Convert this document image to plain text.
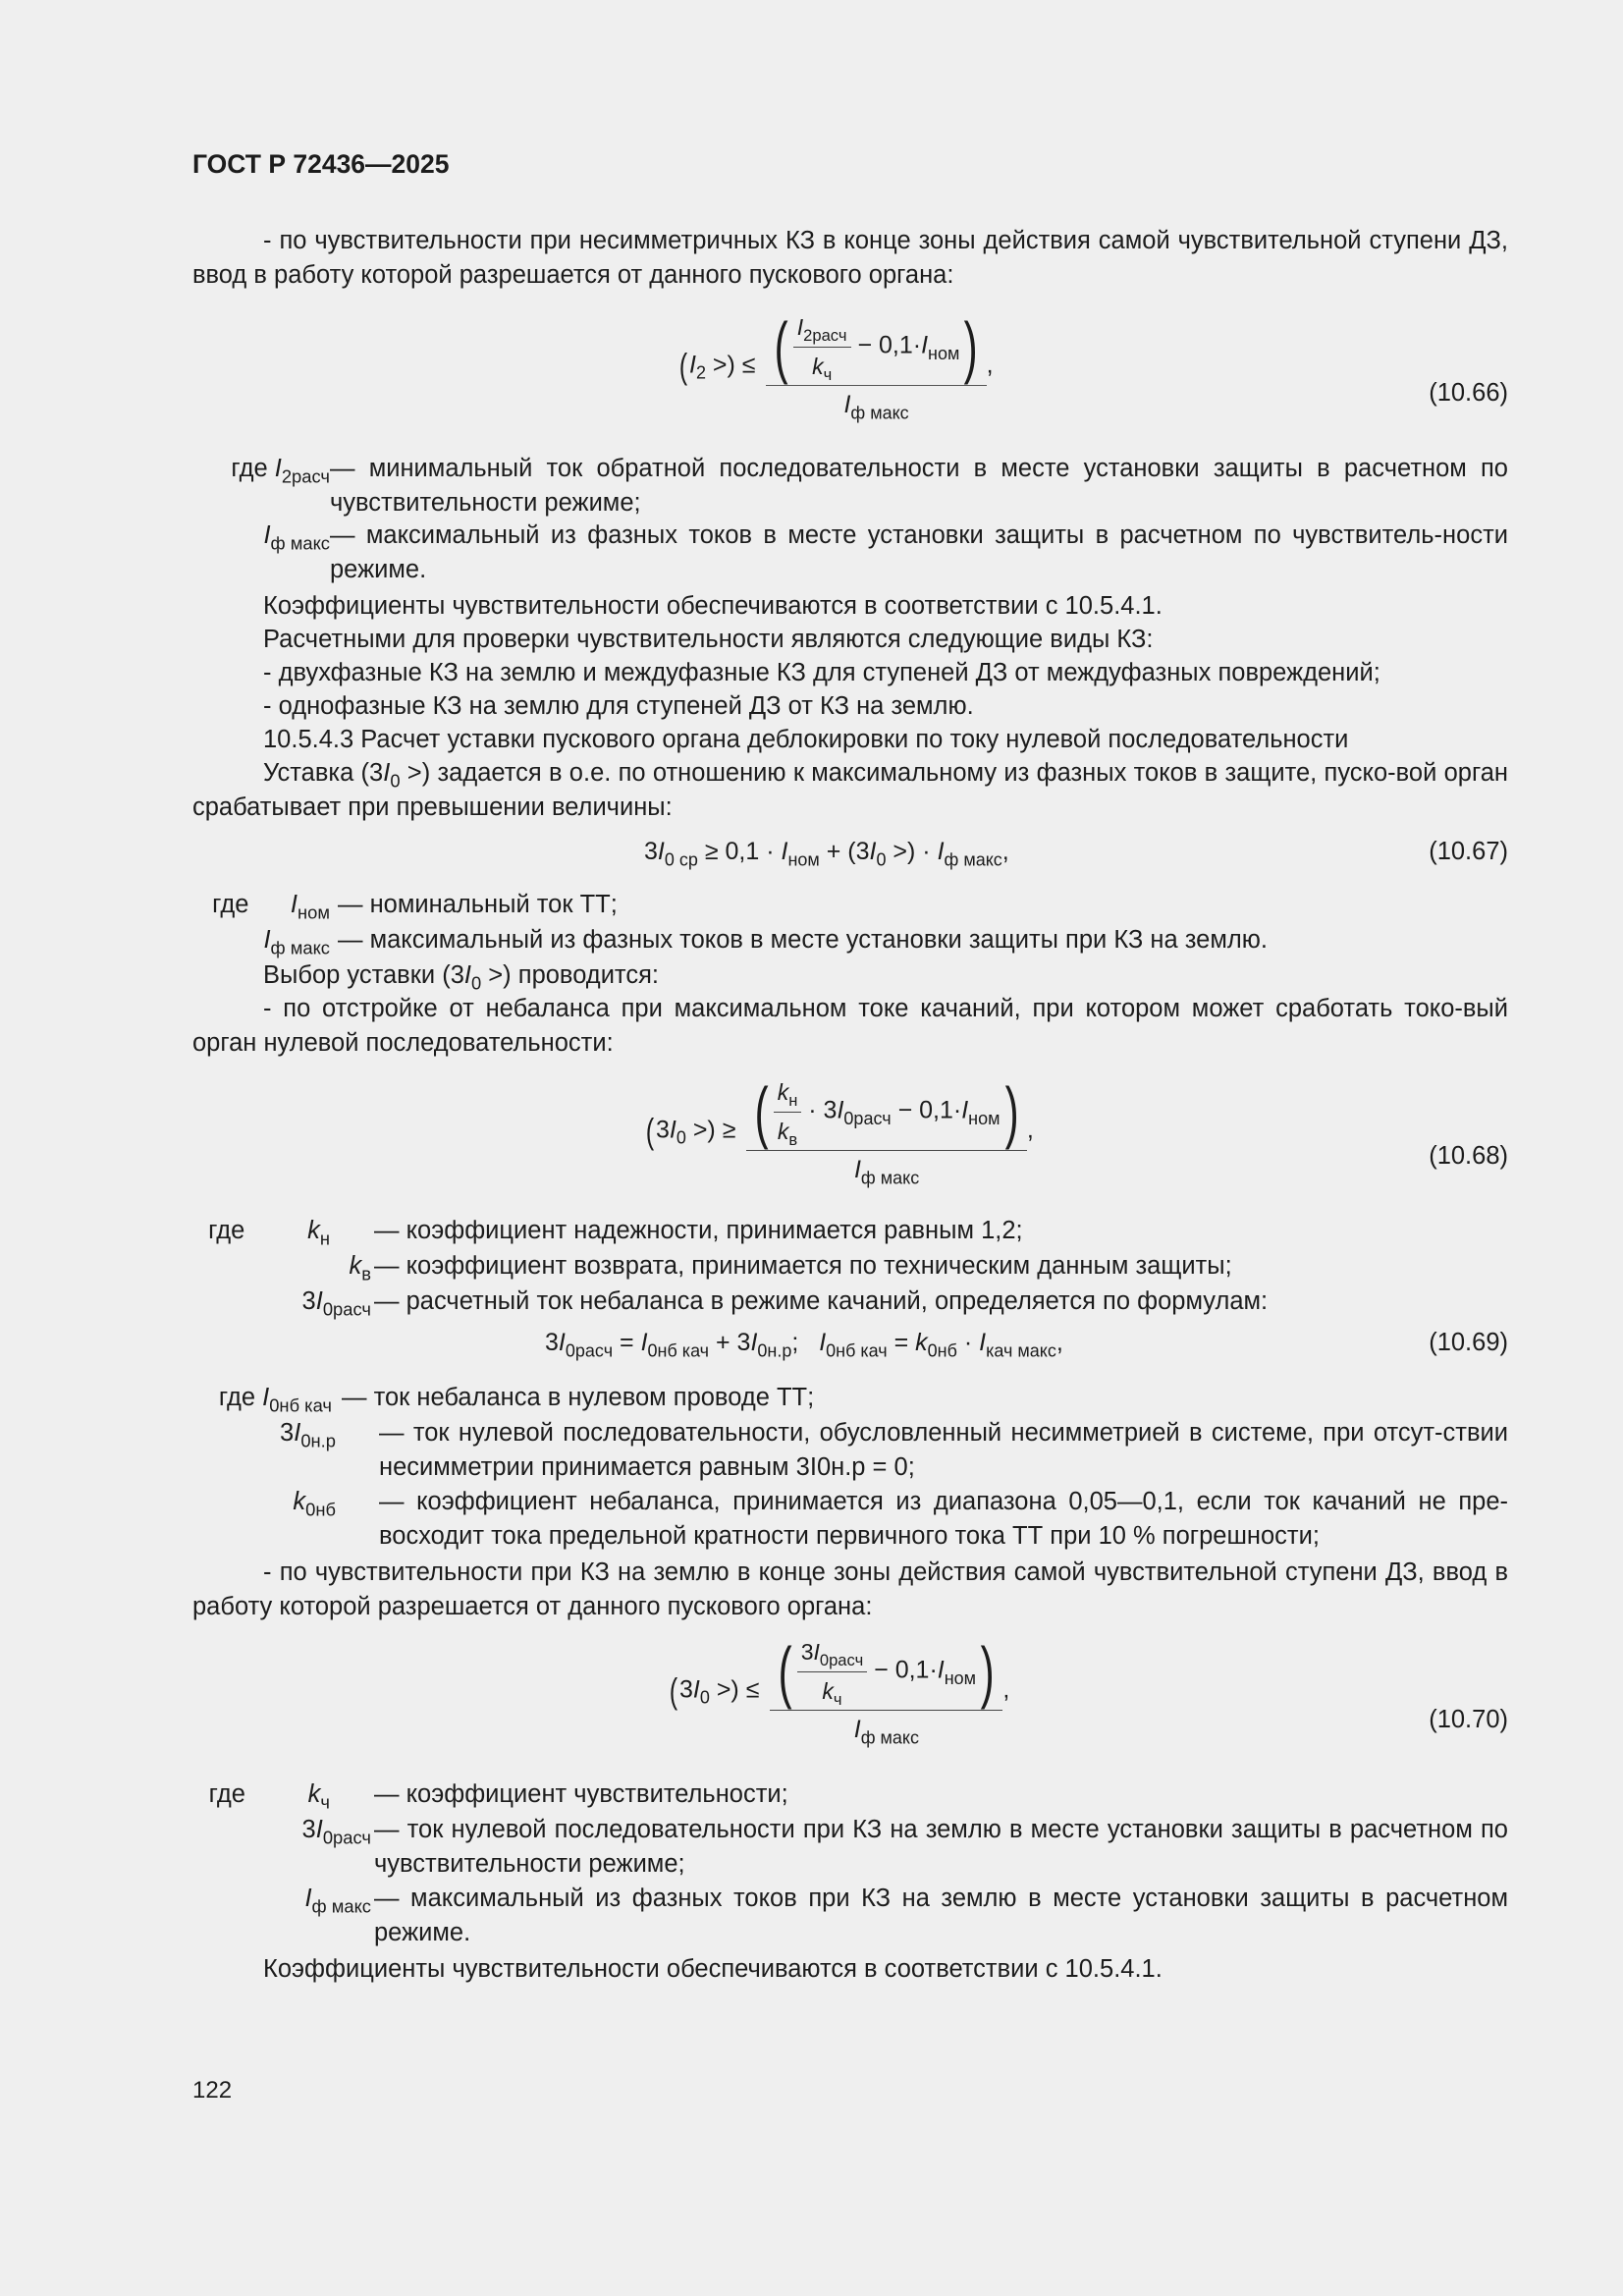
ГОСТ Р 72436—2025
- по чувствительности при несимметричных КЗ в конце зоны действия самой чувствительной ступени ДЗ, ввод в работу которой разрешается от данного пускового органа:
($I_2$ >) ≤ $\frac{( \frac{I_{2расч}}{k_ч} - 0,1\cdot I_{ном})}{I_{ф макс}}$ ,
(10.66)
где $I_{2расч}$ — минимальный ток обратной последовательности в месте установки защиты в расчетном по чувствительности режиме;
$I_{ф макс}$ — максимальный из фазных токов в месте установки защиты в расчетном по чувствитель-ности режиме.
Коэффициенты чувствительности обеспечиваются в соответствии с 10.5.4.1.
Расчетными для проверки чувствительности являются следующие виды КЗ:
- двухфазные КЗ на землю и междуфазные КЗ для ступеней ДЗ от междуфазных повреждений;
- однофазные КЗ на землю для ступеней ДЗ от КЗ на землю.
10.5.4.3 Расчет уставки пускового органа деблокировки по току нулевой последовательности
Уставка ($3I_0$ >) задается в о.е. по отношению к максимальному из фазных токов в защите, пуско-вой орган срабатывает при превышении величины:
$3I_{0 ср} \ge 0,1 \cdot I_{ном} + (3I_0$ >) · $I_{ф макс}$,	(10.67)
где      $I_{ном}$ — номинальный ток ТТ;
$I_{ф макс}$ — максимальный из фазных токов в месте установки защиты при КЗ на землю.
Выбор уставки ($3I_0$ >) проводится:
- по отстройке от небаланса при максимальном токе качаний, при котором может сработать токо-вый орган нулевой последовательности:
($3I_0$ >) ≥ $\frac{( \frac{k_н}{k_в} \cdot 3I_{0расч} - 0,1\cdot I_{ном})}{I_{ф макс}}$ ,
(10.68)
где         $k_н$ — коэффициент надежности, принимается равным 1,2;
$k_в$ — коэффициент возврата, принимается по техническим данным защиты;
$3I_{0расч}$ — расчетный ток небаланса в режиме качаний, определяется по формулам:
$3I_{0расч} = I_{0нб кач} + 3I_{0н.р}$;   $I_{0нб кач} = k_{0нб} \cdot I_{кач макс}$,	(10.69)
где $I_{0нб кач}$ — ток небаланса в нулевом проводе ТТ;
$3I_{0н.р}$ — ток нулевой последовательности, обусловленный несимметрией в системе, при отсут-ствии несимметрии принимается равным 3I0н.р = 0;
$k_{0нб}$ — коэффициент небаланса, принимается из диапазона 0,05—0,1, если ток качаний не пре-восходит тока предельной кратности первичного тока ТТ при 10 % погрешности;
- по чувствительности при КЗ на землю в конце зоны действия самой чувствительной ступени ДЗ, ввод в работу которой разрешается от данного пускового органа:
($3I_0$ >) ≤ $\frac{( \frac{3I_{0расч}}{k_ч} - 0,1\cdot I_{ном})}{I_{ф макс}}$ ,
(10.70)
где         $k_ч$ — коэффициент чувствительности;
$3I_{0расч}$ — ток нулевой последовательности при КЗ на землю в месте установки защиты в расчетном по чувствительности режиме;
$I_{ф макс}$ — максимальный из фазных токов при КЗ на землю в месте установки защиты в расчетном режиме.
Коэффициенты чувствительности обеспечиваются в соответствии с 10.5.4.1.
122
